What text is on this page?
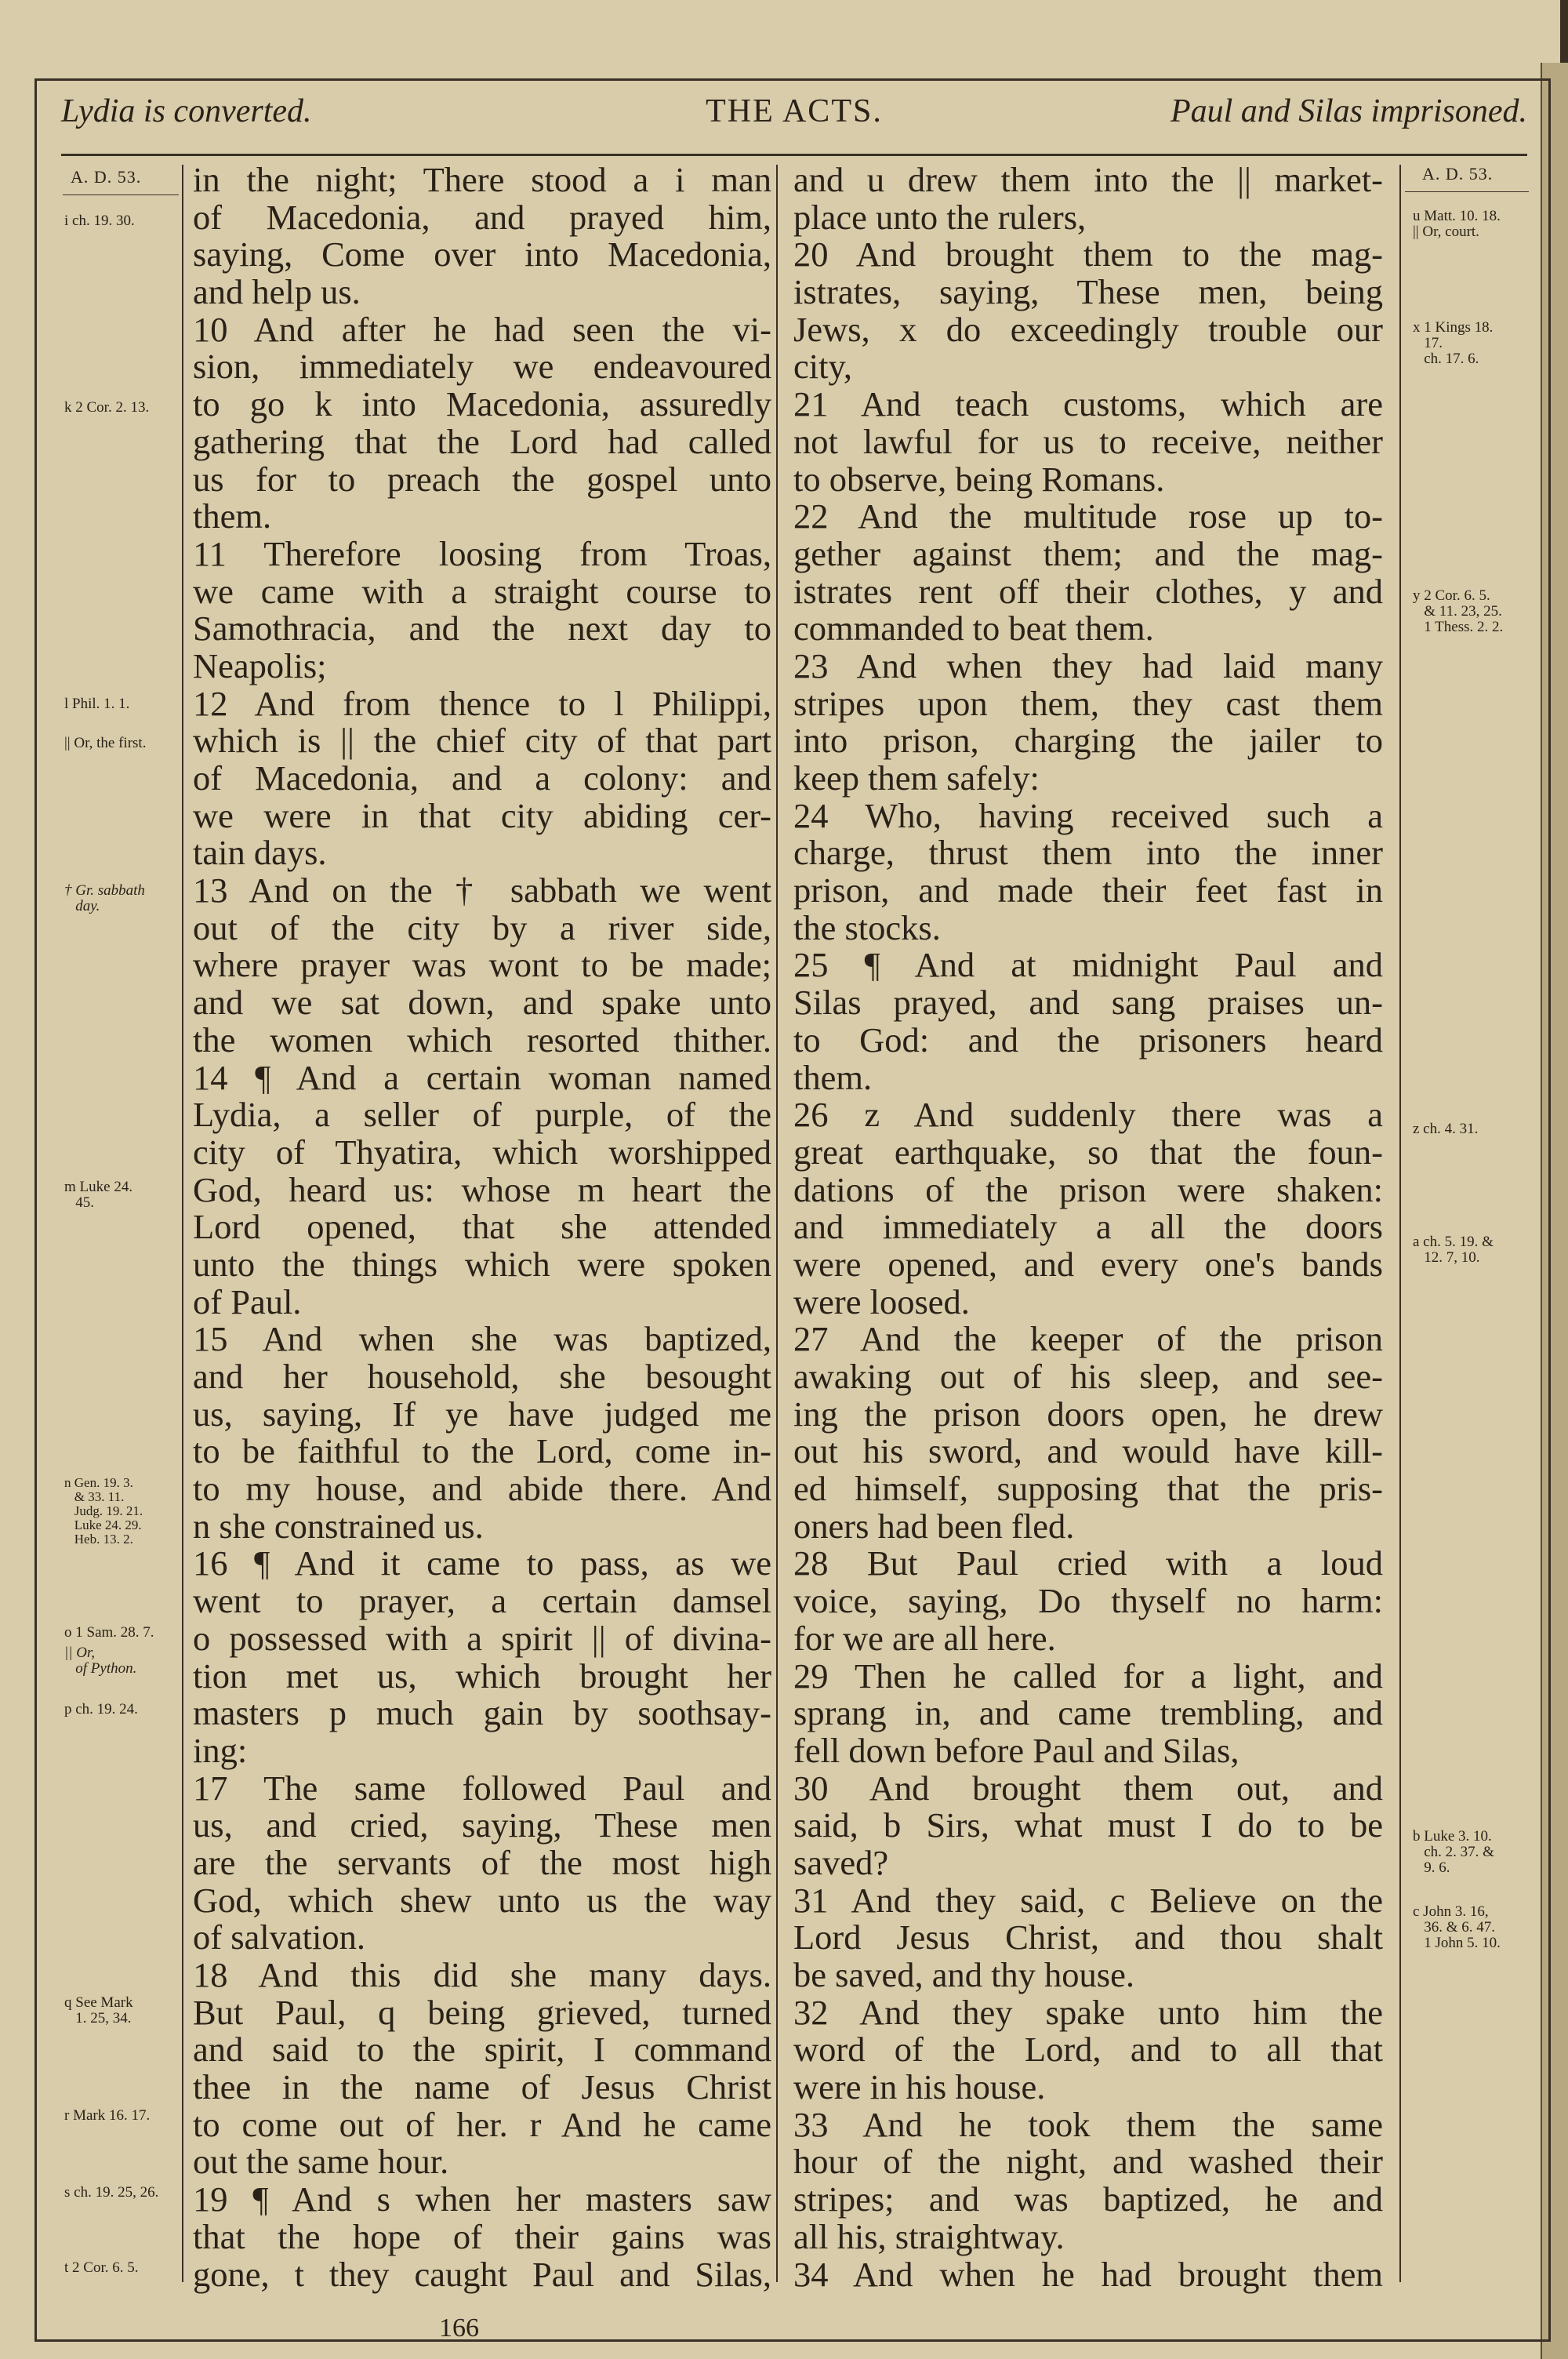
Lydia is converted.	THE ACTS.	Paul and Silas imprisoned.
A. D. 53.
i ch. 19. 30.
k 2 Cor. 2. 13.
l Phil. 1. 1.
|| Or, the first.
† Gr. sabbath
day.
m Luke 24.
45.
n Gen. 19. 3.
& 33. 11.
Judg. 19. 21.
Luke 24. 29.
Heb. 13. 2.
o 1 Sam. 28. 7.
|| Or,
of Python.
p ch. 19. 24.
q See Mark
1. 25, 34.
r Mark 16. 17.
s ch. 19. 25, 26.
t 2 Cor. 6. 5.
in the night; There stood a i man
of Macedonia, and prayed him,
saying, Come over into Macedonia,
and help us.
10 And after he had seen the vi-
sion, immediately we endeavoured
to go k into Macedonia, assuredly
gathering that the Lord had called
us for to preach the gospel unto
them.
11 Therefore loosing from Troas,
we came with a straight course to
Samothracia, and the next day to
Neapolis;
12 And from thence to l Philippi,
which is || the chief city of that part
of Macedonia, and a colony: and
we were in that city abiding cer-
tain days.
13 And on the † sabbath we went
out of the city by a river side,
where prayer was wont to be made;
and we sat down, and spake unto
the women which resorted thither.
14 ¶ And a certain woman named
Lydia, a seller of purple, of the
city of Thyatira, which worshipped
God, heard us: whose m heart the
Lord opened, that she attended
unto the things which were spoken
of Paul.
15 And when she was baptized,
and her household, she besought
us, saying, If ye have judged me
to be faithful to the Lord, come in-
to my house, and abide there. And
n she constrained us.
16 ¶ And it came to pass, as we
went to prayer, a certain damsel
o possessed with a spirit || of divina-
tion met us, which brought her
masters p much gain by soothsay-
ing:
17 The same followed Paul and
us, and cried, saying, These men
are the servants of the most high
God, which shew unto us the way
of salvation.
18 And this did she many days.
But Paul, q being grieved, turned
and said to the spirit, I command
thee in the name of Jesus Christ
to come out of her. r And he came
out the same hour.
19 ¶ And s when her masters saw
that the hope of their gains was
gone, t they caught Paul and Silas,
and u drew them into the || market-
place unto the rulers,
20 And brought them to the mag-
istrates, saying, These men, being
Jews, x do exceedingly trouble our
city,
21 And teach customs, which are
not lawful for us to receive, neither
to observe, being Romans.
22 And the multitude rose up to-
gether against them; and the mag-
istrates rent off their clothes, y and
commanded to beat them.
23 And when they had laid many
stripes upon them, they cast them
into prison, charging the jailer to
keep them safely:
24 Who, having received such a
charge, thrust them into the inner
prison, and made their feet fast in
the stocks.
25 ¶ And at midnight Paul and
Silas prayed, and sang praises un-
to God: and the prisoners heard
them.
26 z And suddenly there was a
great earthquake, so that the foun-
dations of the prison were shaken:
and immediately a all the doors
were opened, and every one's bands
were loosed.
27 And the keeper of the prison
awaking out of his sleep, and see-
ing the prison doors open, he drew
out his sword, and would have kill-
ed himself, supposing that the pris-
oners had been fled.
28 But Paul cried with a loud
voice, saying, Do thyself no harm:
for we are all here.
29 Then he called for a light, and
sprang in, and came trembling, and
fell down before Paul and Silas,
30 And brought them out, and
said, b Sirs, what must I do to be
saved?
31 And they said, c Believe on the
Lord Jesus Christ, and thou shalt
be saved, and thy house.
32 And they spake unto him the
word of the Lord, and to all that
were in his house.
33 And he took them the same
hour of the night, and washed their
stripes; and was baptized, he and
all his, straightway.
34 And when he had brought them
A. D. 53.
u Matt. 10. 18.
|| Or, court.
x 1 Kings 18.
17.
ch. 17. 6.
y 2 Cor. 6. 5.
& 11. 23, 25.
1 Thess. 2. 2.
z ch. 4. 31.
a ch. 5. 19. &
12. 7, 10.
b Luke 3. 10.
ch. 2. 37. &
9. 6.
c John 3. 16,
36. & 6. 47.
1 John 5. 10.
166
